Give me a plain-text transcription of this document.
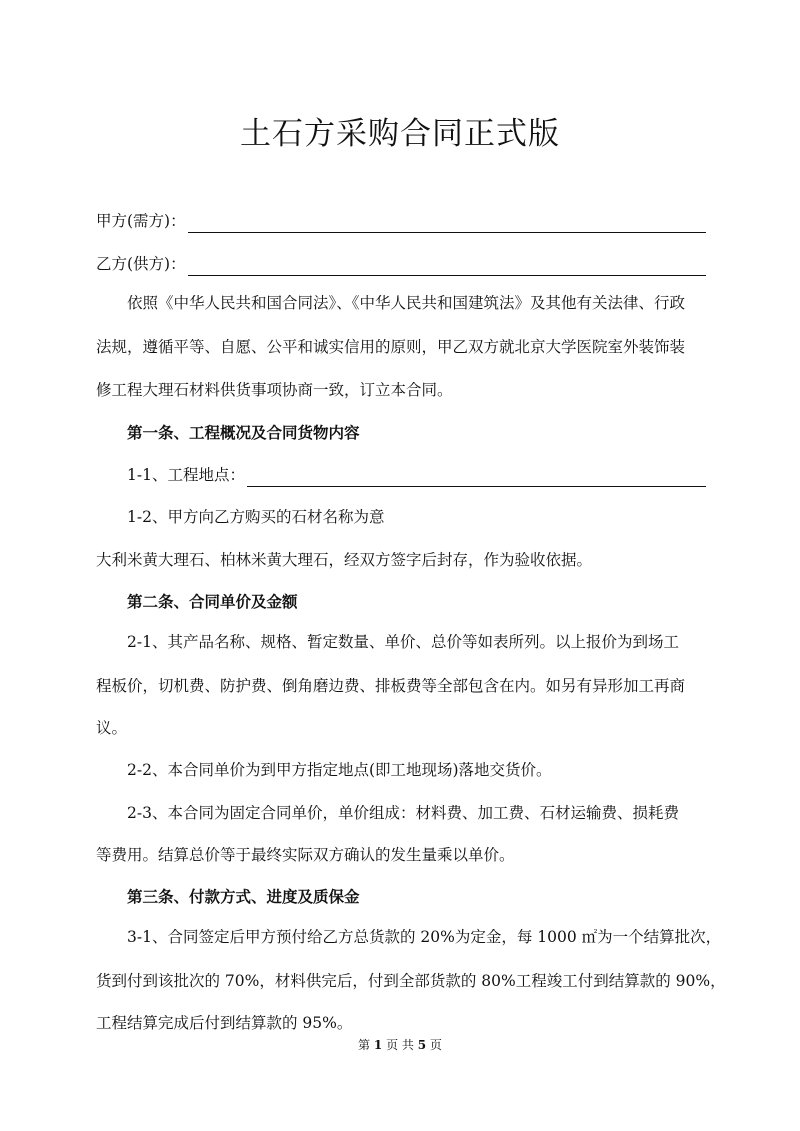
土石方采购合同正式版
甲方(需方)：
乙方(供方)：
依照《中华人民共和国合同法》、《中华人民共和国建筑法》及其他有关法律、行政
法规，遵循平等、自愿、公平和诚实信用的原则，甲乙双方就北京大学医院室外装饰装
修工程大理石材料供货事项协商一致，订立本合同。
第一条、工程概况及合同货物内容
1-1、工程地点：
1-2、甲方向乙方购买的石材名称为意
大利米黄大理石、柏林米黄大理石，经双方签字后封存，作为验收依据。
第二条、合同单价及金额
2-1、其产品名称、规格、暂定数量、单价、总价等如表所列。以上报价为到场工
程板价，切机费、防护费、倒角磨边费、排板费等全部包含在内。如另有异形加工再商
议。
2-2、本合同单价为到甲方指定地点(即工地现场)落地交货价。
2-3、本合同为固定合同单价，单价组成：材料费、加工费、石材运输费、损耗费
等费用。结算总价等于最终实际双方确认的发生量乘以单价。
第三条、付款方式、进度及质保金
3-1、合同签定后甲方预付给乙方总货款的 20%为定金，每 1000 ㎡为一个结算批次，
货到付到该批次的 70%，材料供完后，付到全部货款的 80%工程竣工付到结算款的 90%，
工程结算完成后付到结算款的 95%。
第 1 页 共 5 页
